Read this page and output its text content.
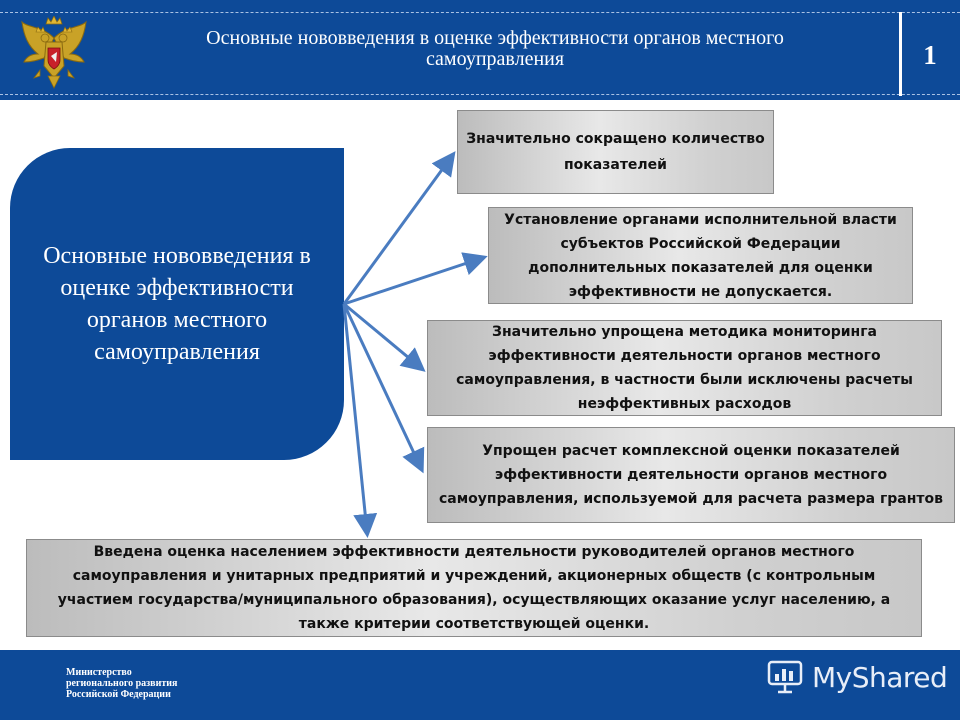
Основные нововведения в оценке эффективности органов местного
самоуправления	1
Основные нововведения в оценке эффективности органов местного самоуправления
Значительно сокращено количество показателей
Установление органами исполнительной власти субъектов Российской Федерации дополнительных показателей для оценки эффективности не допускается.
Значительно упрощена методика мониторинга эффективности деятельности органов местного самоуправления, в частности были исключены расчеты неэффективных расходов
Упрощен расчет комплексной оценки показателей эффективности деятельности органов местного самоуправления, используемой для расчета размера грантов
Введена оценка населением эффективности деятельности руководителей органов местного самоуправления и унитарных предприятий и учреждений, акционерных обществ (с контрольным участием государства/муниципального образования), осуществляющих оказание услуг населению, а также критерии соответствующей оценки.
Министерство
регионального развития
Российской Федерации
MyShared
